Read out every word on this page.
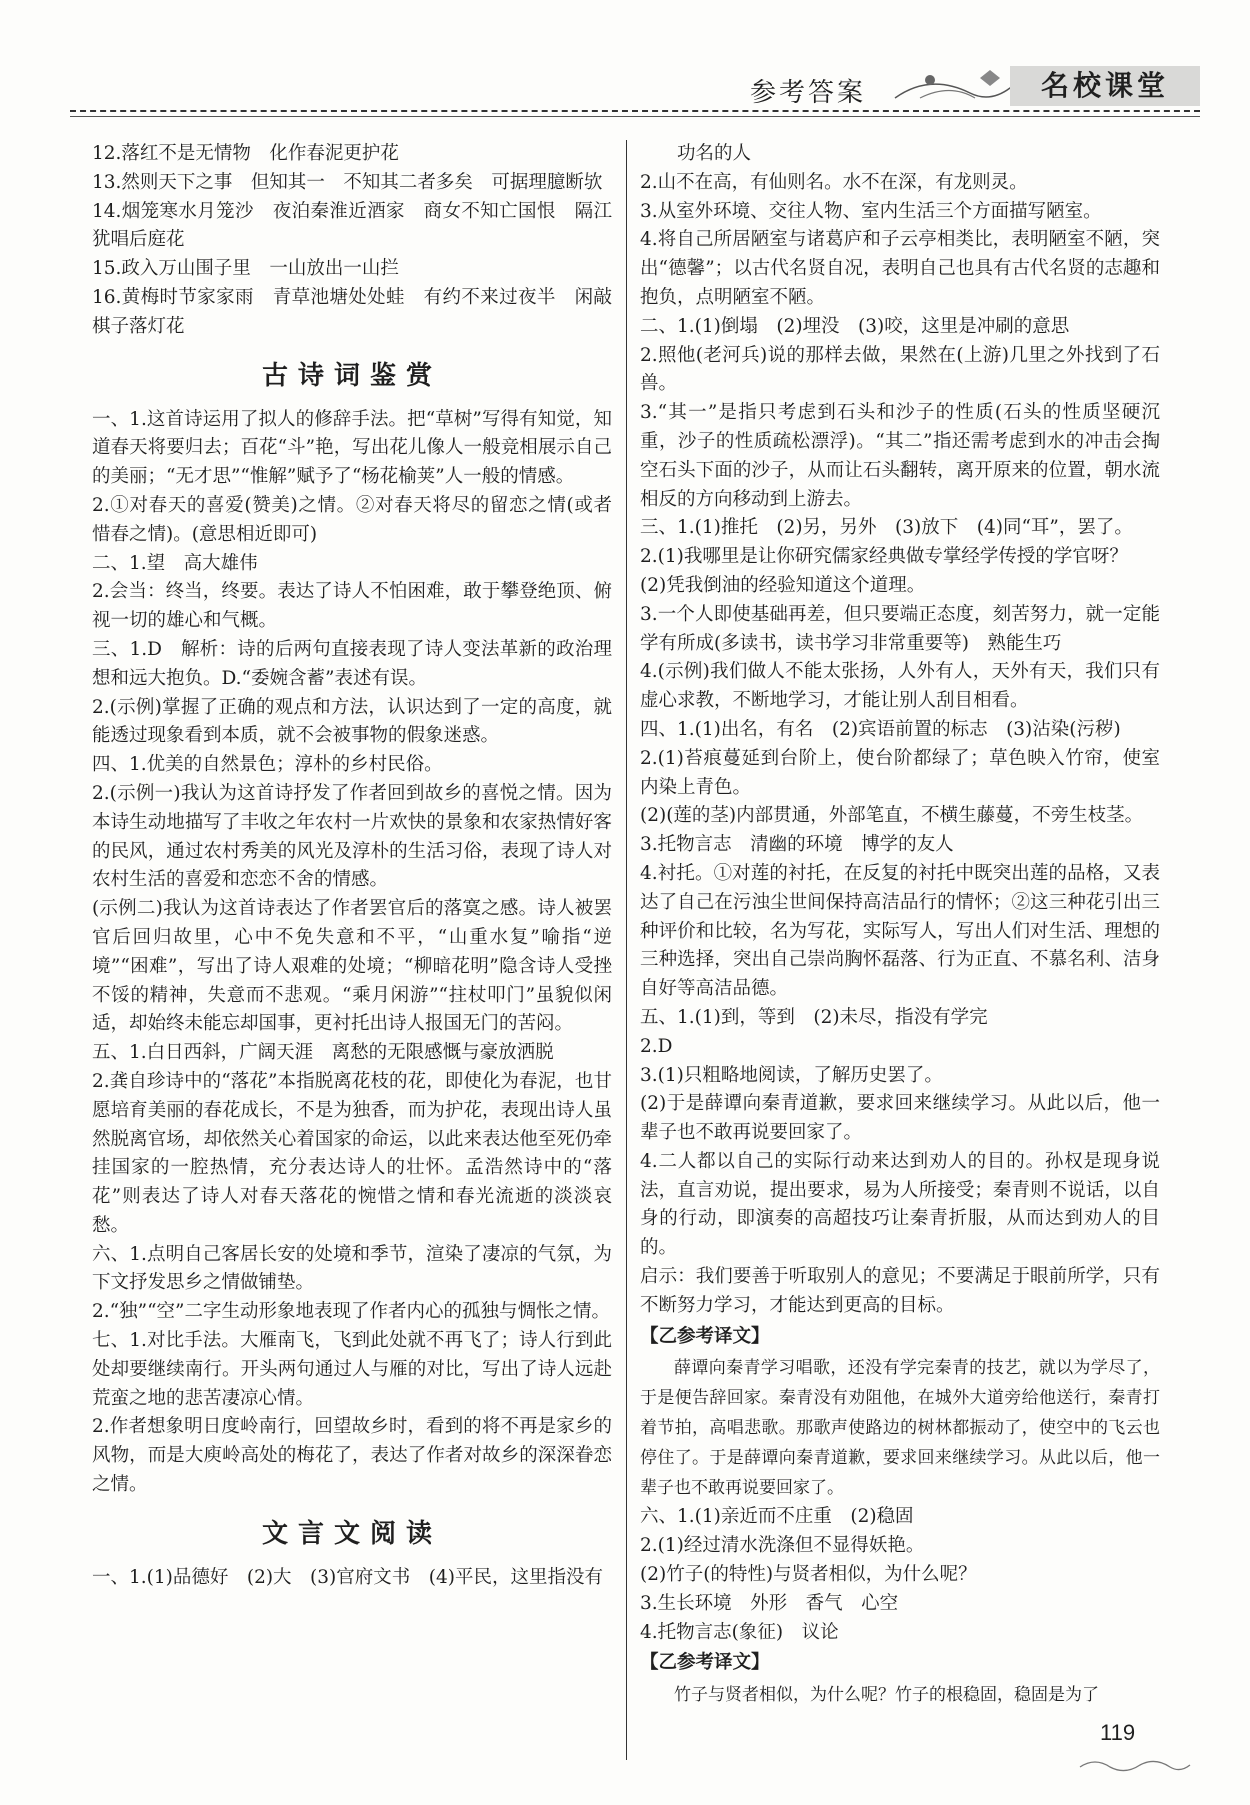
参考答案	名校课堂

12.落红不是无情物　化作春泥更护花

13.然则天下之事　但知其一　不知其二者多矣　可据理臆断欤

14.烟笼寒水月笼沙　夜泊秦淮近酒家　商女不知亡国恨　隔江犹唱后庭花

15.政入万山围子里　一山放出一山拦

16.黄梅时节家家雨　青草池塘处处蛙　有约不来过夜半　闲敲棋子落灯花

古诗词鉴赏

一、1.这首诗运用了拟人的修辞手法。把“草树”写得有知觉，知道春天将要归去；百花“斗”艳，写出花儿像人一般竞相展示自己的美丽；“无才思”“惟解”赋予了“杨花榆荚”人一般的情感。

2.①对春天的喜爱(赞美)之情。②对春天将尽的留恋之情(或者惜春之情)。(意思相近即可)

二、1.望　高大雄伟

2.会当：终当，终要。表达了诗人不怕困难，敢于攀登绝顶、俯视一切的雄心和气概。

三、1.D　解析：诗的后两句直接表现了诗人变法革新的政治理想和远大抱负。D.“委婉含蓄”表述有误。

2.(示例)掌握了正确的观点和方法，认识达到了一定的高度，就能透过现象看到本质，就不会被事物的假象迷惑。

四、1.优美的自然景色；淳朴的乡村民俗。

2.(示例一)我认为这首诗抒发了作者回到故乡的喜悦之情。因为本诗生动地描写了丰收之年农村一片欢快的景象和农家热情好客的民风，通过农村秀美的风光及淳朴的生活习俗，表现了诗人对农村生活的喜爱和恋恋不舍的情感。

(示例二)我认为这首诗表达了作者罢官后的落寞之感。诗人被罢官后回归故里，心中不免失意和不平，“山重水复”喻指“逆境”“困难”，写出了诗人艰难的处境；“柳暗花明”隐含诗人受挫不馁的精神，失意而不悲观。“乘月闲游”“拄杖叩门”虽貌似闲适，却始终未能忘却国事，更衬托出诗人报国无门的苦闷。

五、1.白日西斜，广阔天涯　离愁的无限感慨与豪放洒脱

2.龚自珍诗中的“落花”本指脱离花枝的花，即使化为春泥，也甘愿培育美丽的春花成长，不是为独香，而为护花，表现出诗人虽然脱离官场，却依然关心着国家的命运，以此来表达他至死仍牵挂国家的一腔热情，充分表达诗人的壮怀。孟浩然诗中的“落花”则表达了诗人对春天落花的惋惜之情和春光流逝的淡淡哀愁。

六、1.点明自己客居长安的处境和季节，渲染了凄凉的气氛，为下文抒发思乡之情做铺垫。

2.“独”“空”二字生动形象地表现了作者内心的孤独与惆怅之情。

七、1.对比手法。大雁南飞，飞到此处就不再飞了；诗人行到此处却要继续南行。开头两句通过人与雁的对比，写出了诗人远赴荒蛮之地的悲苦凄凉心情。

2.作者想象明日度岭南行，回望故乡时，看到的将不再是家乡的风物，而是大庾岭高处的梅花了，表达了作者对故乡的深深眷恋之情。

文言文阅读

一、1.(1)品德好　(2)大　(3)官府文书　(4)平民，这里指没有

功名的人

2.山不在高，有仙则名。水不在深，有龙则灵。

3.从室外环境、交往人物、室内生活三个方面描写陋室。

4.将自己所居陋室与诸葛庐和子云亭相类比，表明陋室不陋，突出“德馨”；以古代名贤自况，表明自己也具有古代名贤的志趣和抱负，点明陋室不陋。

二、1.(1)倒塌　(2)埋没　(3)咬，这里是冲刷的意思

2.照他(老河兵)说的那样去做，果然在(上游)几里之外找到了石兽。

3.“其一”是指只考虑到石头和沙子的性质(石头的性质坚硬沉重，沙子的性质疏松漂浮)。“其二”指还需考虑到水的冲击会掏空石头下面的沙子，从而让石头翻转，离开原来的位置，朝水流相反的方向移动到上游去。

三、1.(1)推托　(2)另，另外　(3)放下　(4)同“耳”，罢了。

2.(1)我哪里是让你研究儒家经典做专掌经学传授的学官呀？

(2)凭我倒油的经验知道这个道理。

3.一个人即使基础再差，但只要端正态度，刻苦努力，就一定能学有所成(多读书，读书学习非常重要等)　熟能生巧

4.(示例)我们做人不能太张扬，人外有人，天外有天，我们只有虚心求教，不断地学习，才能让别人刮目相看。

四、1.(1)出名，有名　(2)宾语前置的标志　(3)沾染(污秽)

2.(1)苔痕蔓延到台阶上，使台阶都绿了；草色映入竹帘，使室内染上青色。

(2)(莲的茎)内部贯通，外部笔直，不横生藤蔓，不旁生枝茎。

3.托物言志　清幽的环境　博学的友人

4.衬托。①对莲的衬托，在反复的衬托中既突出莲的品格，又表达了自己在污浊尘世间保持高洁品行的情怀；②这三种花引出三种评价和比较，名为写花，实际写人，写出人们对生活、理想的三种选择，突出自己崇尚胸怀磊落、行为正直、不慕名利、洁身自好等高洁品德。

五、1.(1)到，等到　(2)未尽，指没有学完

2.D

3.(1)只粗略地阅读，了解历史罢了。

(2)于是薛谭向秦青道歉，要求回来继续学习。从此以后，他一辈子也不敢再说要回家了。

4.二人都以自己的实际行动来达到劝人的目的。孙权是现身说法，直言劝说，提出要求，易为人所接受；秦青则不说话，以自身的行动，即演奏的高超技巧让秦青折服，从而达到劝人的目的。

启示：我们要善于听取别人的意见；不要满足于眼前所学，只有不断努力学习，才能达到更高的目标。

【乙参考译文】

薛谭向秦青学习唱歌，还没有学完秦青的技艺，就以为学尽了，于是便告辞回家。秦青没有劝阻他，在城外大道旁给他送行，秦青打着节拍，高唱悲歌。那歌声使路边的树林都振动了，使空中的飞云也停住了。于是薛谭向秦青道歉，要求回来继续学习。从此以后，他一辈子也不敢再说要回家了。

六、1.(1)亲近而不庄重　(2)稳固

2.(1)经过清水洗涤但不显得妖艳。

(2)竹子(的特性)与贤者相似，为什么呢？

3.生长环境　外形　香气　心空

4.托物言志(象征)　议论

【乙参考译文】

竹子与贤者相似，为什么呢？竹子的根稳固，稳固是为了

119
